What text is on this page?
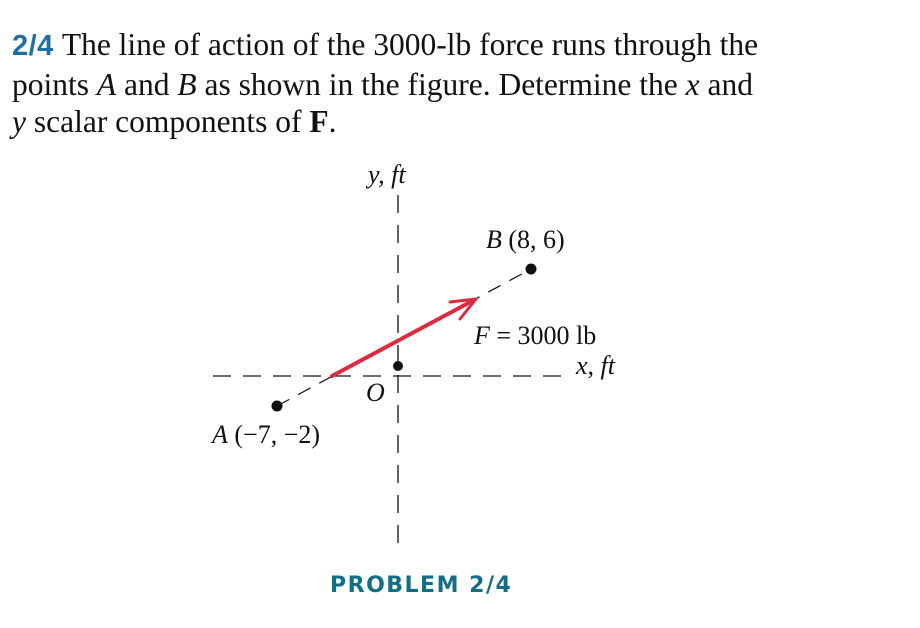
2/4 The line of action of the 3000-lb force runs through the
points A and B as shown in the figure. Determine the x and
y scalar components of F.
y, ft
x, ft
O
A (−7, −2)
B (8, 6)
F = 3000 lb
PROBLEM 2/4
